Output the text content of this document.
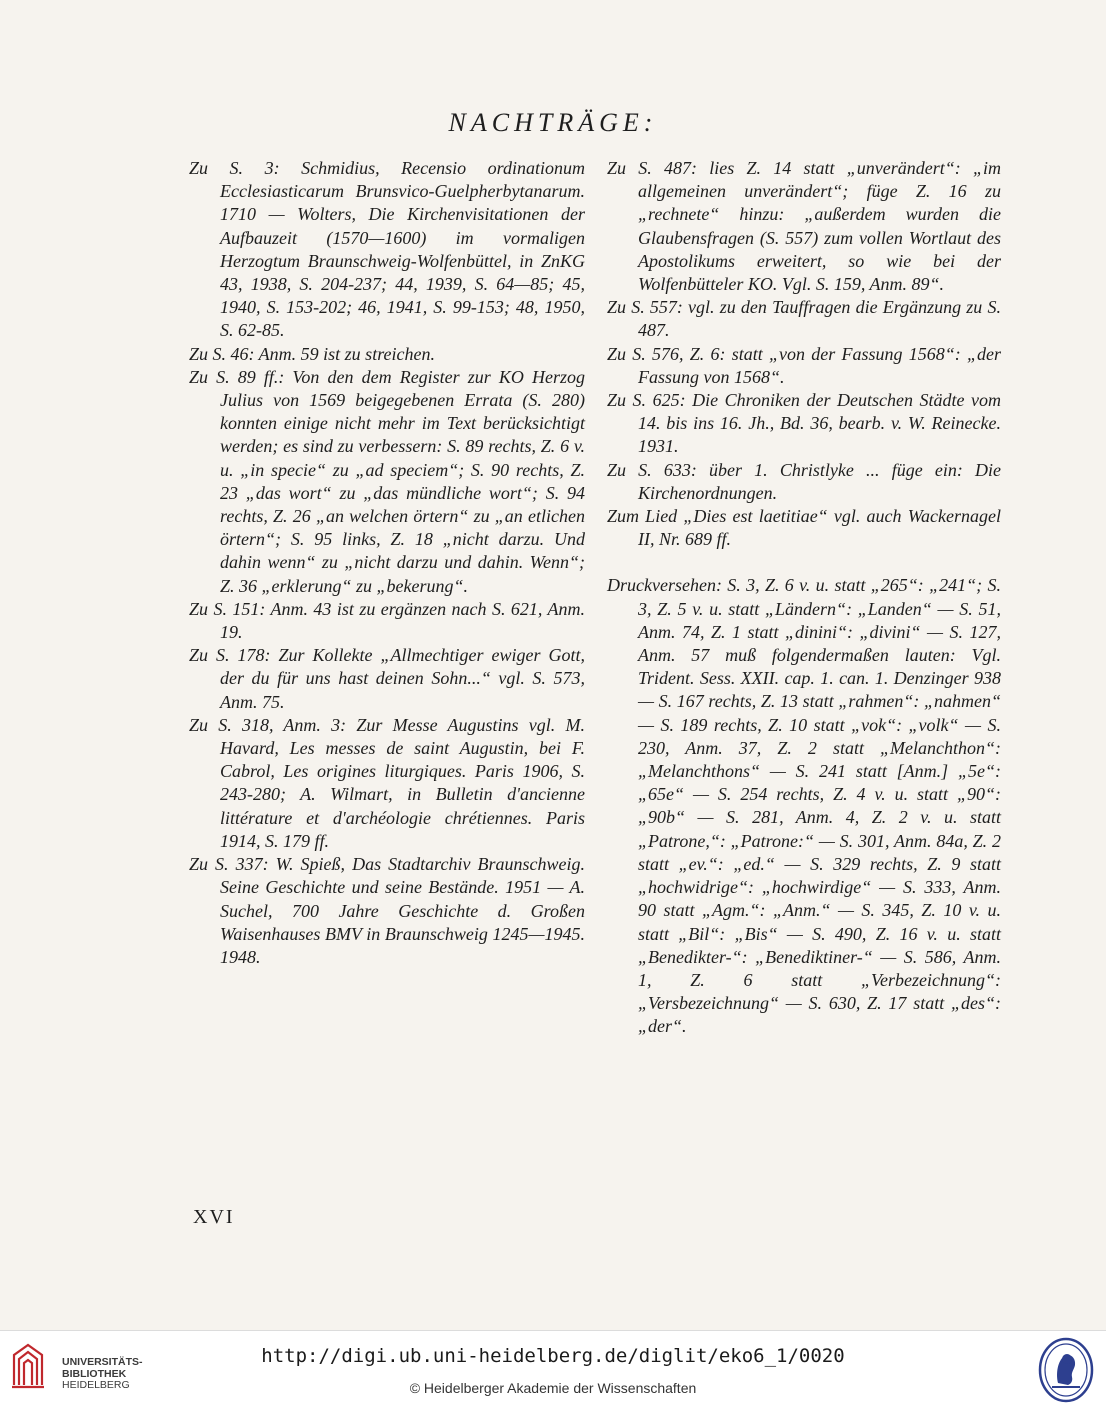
NACHTRÄGE:

Zu S. 3: Schmidius, Recensio ordinationum Ecclesiasticarum Brunsvico-Guelpherbytanarum. 1710 — Wolters, Die Kirchenvisitationen der Aufbauzeit (1570—1600) im vormaligen Herzogtum Braunschweig-Wolfenbüttel, in ZnKG 43, 1938, S. 204-237; 44, 1939, S. 64—85; 45, 1940, S. 153-202; 46, 1941, S. 99-153; 48, 1950, S. 62-85.

Zu S. 46: Anm. 59 ist zu streichen.

Zu S. 89 ff.: Von den dem Register zur KO Herzog Julius von 1569 beigegebenen Errata (S. 280) konnten einige nicht mehr im Text berücksichtigt werden; es sind zu verbessern: S. 89 rechts, Z. 6 v. u. „in specie“ zu „ad speciem“; S. 90 rechts, Z. 23 „das wort“ zu „das mündliche wort“; S. 94 rechts, Z. 26 „an welchen örtern“ zu „an etlichen örtern“; S. 95 links, Z. 18 „nicht darzu. Und dahin wenn“ zu „nicht darzu und dahin. Wenn“; Z. 36 „erklerung“ zu „bekerung“.

Zu S. 151: Anm. 43 ist zu ergänzen nach S. 621, Anm. 19.

Zu S. 178: Zur Kollekte „Allmechtiger ewiger Gott, der du für uns hast deinen Sohn...“ vgl. S. 573, Anm. 75.

Zu S. 318, Anm. 3: Zur Messe Augustins vgl. M. Havard, Les messes de saint Augustin, bei F. Cabrol, Les origines liturgiques. Paris 1906, S. 243-280; A. Wilmart, in Bulletin d'ancienne littérature et d'archéologie chrétiennes. Paris 1914, S. 179 ff.

Zu S. 337: W. Spieß, Das Stadtarchiv Braunschweig. Seine Geschichte und seine Bestände. 1951 — A. Suchel, 700 Jahre Geschichte d. Großen Waisenhauses BMV in Braunschweig 1245—1945. 1948.

Zu S. 487: lies Z. 14 statt „unverändert“: „im allgemeinen unverändert“; füge Z. 16 zu „rechnete“ hinzu: „außerdem wurden die Glaubensfragen (S. 557) zum vollen Wortlaut des Apostolikums erweitert, so wie bei der Wolfenbütteler KO. Vgl. S. 159, Anm. 89“.

Zu S. 557: vgl. zu den Tauffragen die Ergänzung zu S. 487.

Zu S. 576, Z. 6: statt „von der Fassung 1568“: „der Fassung von 1568“.

Zu S. 625: Die Chroniken der Deutschen Städte vom 14. bis ins 16. Jh., Bd. 36, bearb. v. W. Reinecke. 1931.

Zu S. 633: über 1. Christlyke ... füge ein: Die Kirchenordnungen.

Zum Lied „Dies est laetitiae“ vgl. auch Wackernagel II, Nr. 689 ff.

Druckversehen: S. 3, Z. 6 v. u. statt „265“: „241“; S. 3, Z. 5 v. u. statt „Ländern“: „Landen“ — S. 51, Anm. 74, Z. 1 statt „dinini“: „divini“ — S. 127, Anm. 57 muß folgendermaßen lauten: Vgl. Trident. Sess. XXII. cap. 1. can. 1. Denzinger 938 — S. 167 rechts, Z. 13 statt „rahmen“: „nahmen“ — S. 189 rechts, Z. 10 statt „vok“: „volk“ — S. 230, Anm. 37, Z. 2 statt „Melanchthon“: „Melanchthons“ — S. 241 statt [Anm.] „5e“: „65e“ — S. 254 rechts, Z. 4 v. u. statt „90“: „90b“ — S. 281, Anm. 4, Z. 2 v. u. statt „Patrone,“: „Patrone:“ — S. 301, Anm. 84a, Z. 2 statt „ev.“: „ed.“ — S. 329 rechts, Z. 9 statt „hochwidrige“: „hochwirdige“ — S. 333, Anm. 90 statt „Agm.“: „Anm.“ — S. 345, Z. 10 v. u. statt „Bil“: „Bis“ — S. 490, Z. 16 v. u. statt „Benedikter-“: „Benediktiner-“ — S. 586, Anm. 1, Z. 6 statt „Verbezeichnung“: „Versbezeichnung“ — S. 630, Z. 17 statt „des“: „der“.

XVI
UNIVERSITÄTS-
BIBLIOTHEK
HEIDELBERG
http://digi.ub.uni-heidelberg.de/diglit/eko6_1/0020
© Heidelberger Akademie der Wissenschaften
